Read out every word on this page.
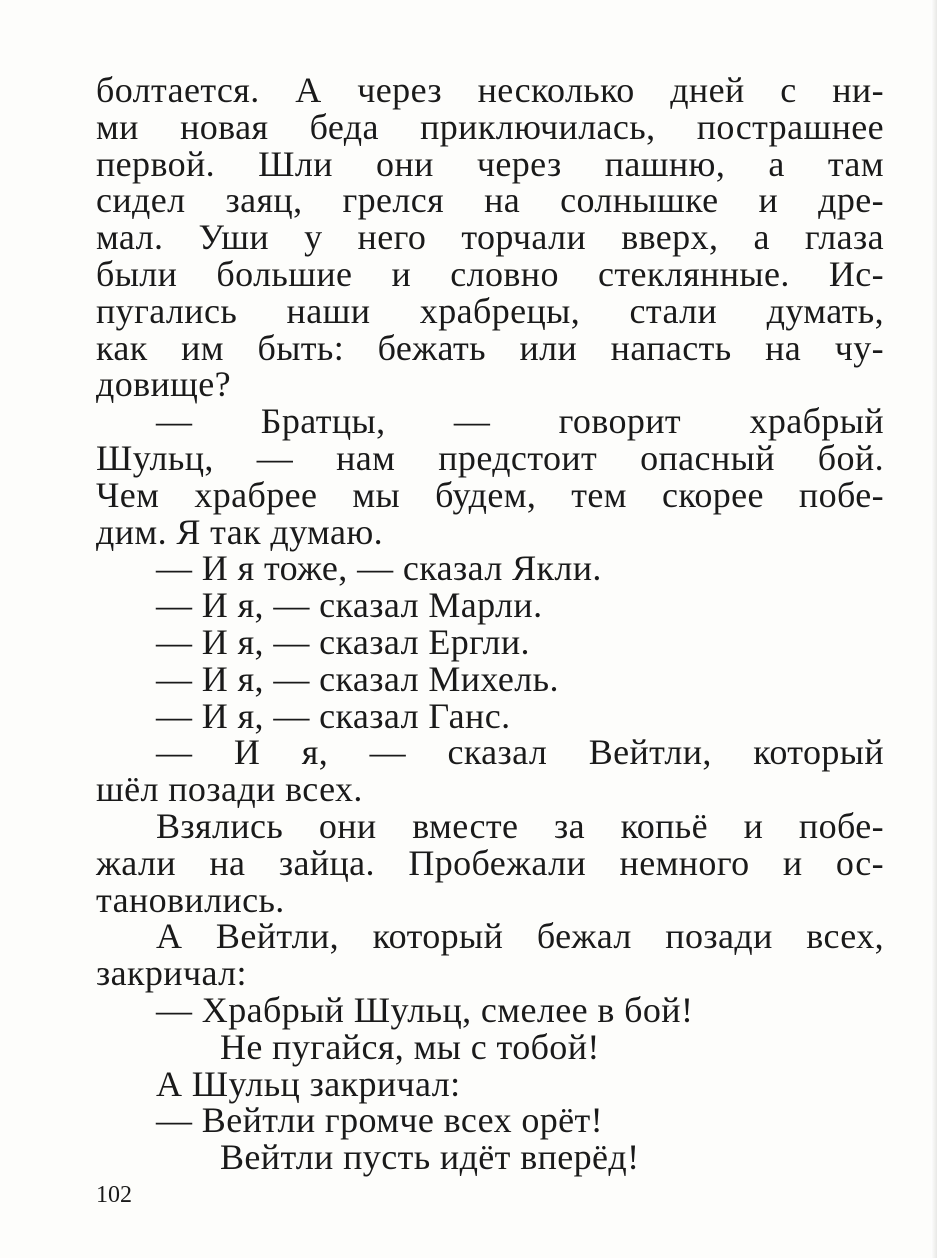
болтается. А через несколько дней с ни-
ми новая беда приключилась, пострашнее
первой. Шли они через пашню, а там
сидел заяц, грелся на солнышке и дре-
мал. Уши у него торчали вверх, а глаза
были большие и словно стеклянные. Ис-
пугались наши храбрецы, стали думать,
как им быть: бежать или напасть на чу-
довище?
— Братцы, — говорит храбрый
Шульц, — нам предстоит опасный бой.
Чем храбрее мы будем, тем скорее побе-
дим. Я так думаю.
— И я тоже, — сказал Якли.
— И я, — сказал Марли.
— И я, — сказал Ергли.
— И я, — сказал Михель.
— И я, — сказал Ганс.
— И я, — сказал Вейтли, который
шёл позади всех.
Взялись они вместе за копьё и побе-
жали на зайца. Пробежали немного и ос-
тановились.
А Вейтли, который бежал позади всех,
закричал:
— Храбрый Шульц, смелее в бой!
Не пугайся, мы с тобой!
А Шульц закричал:
— Вейтли громче всех орёт!
Вейтли пусть идёт вперёд!
102
